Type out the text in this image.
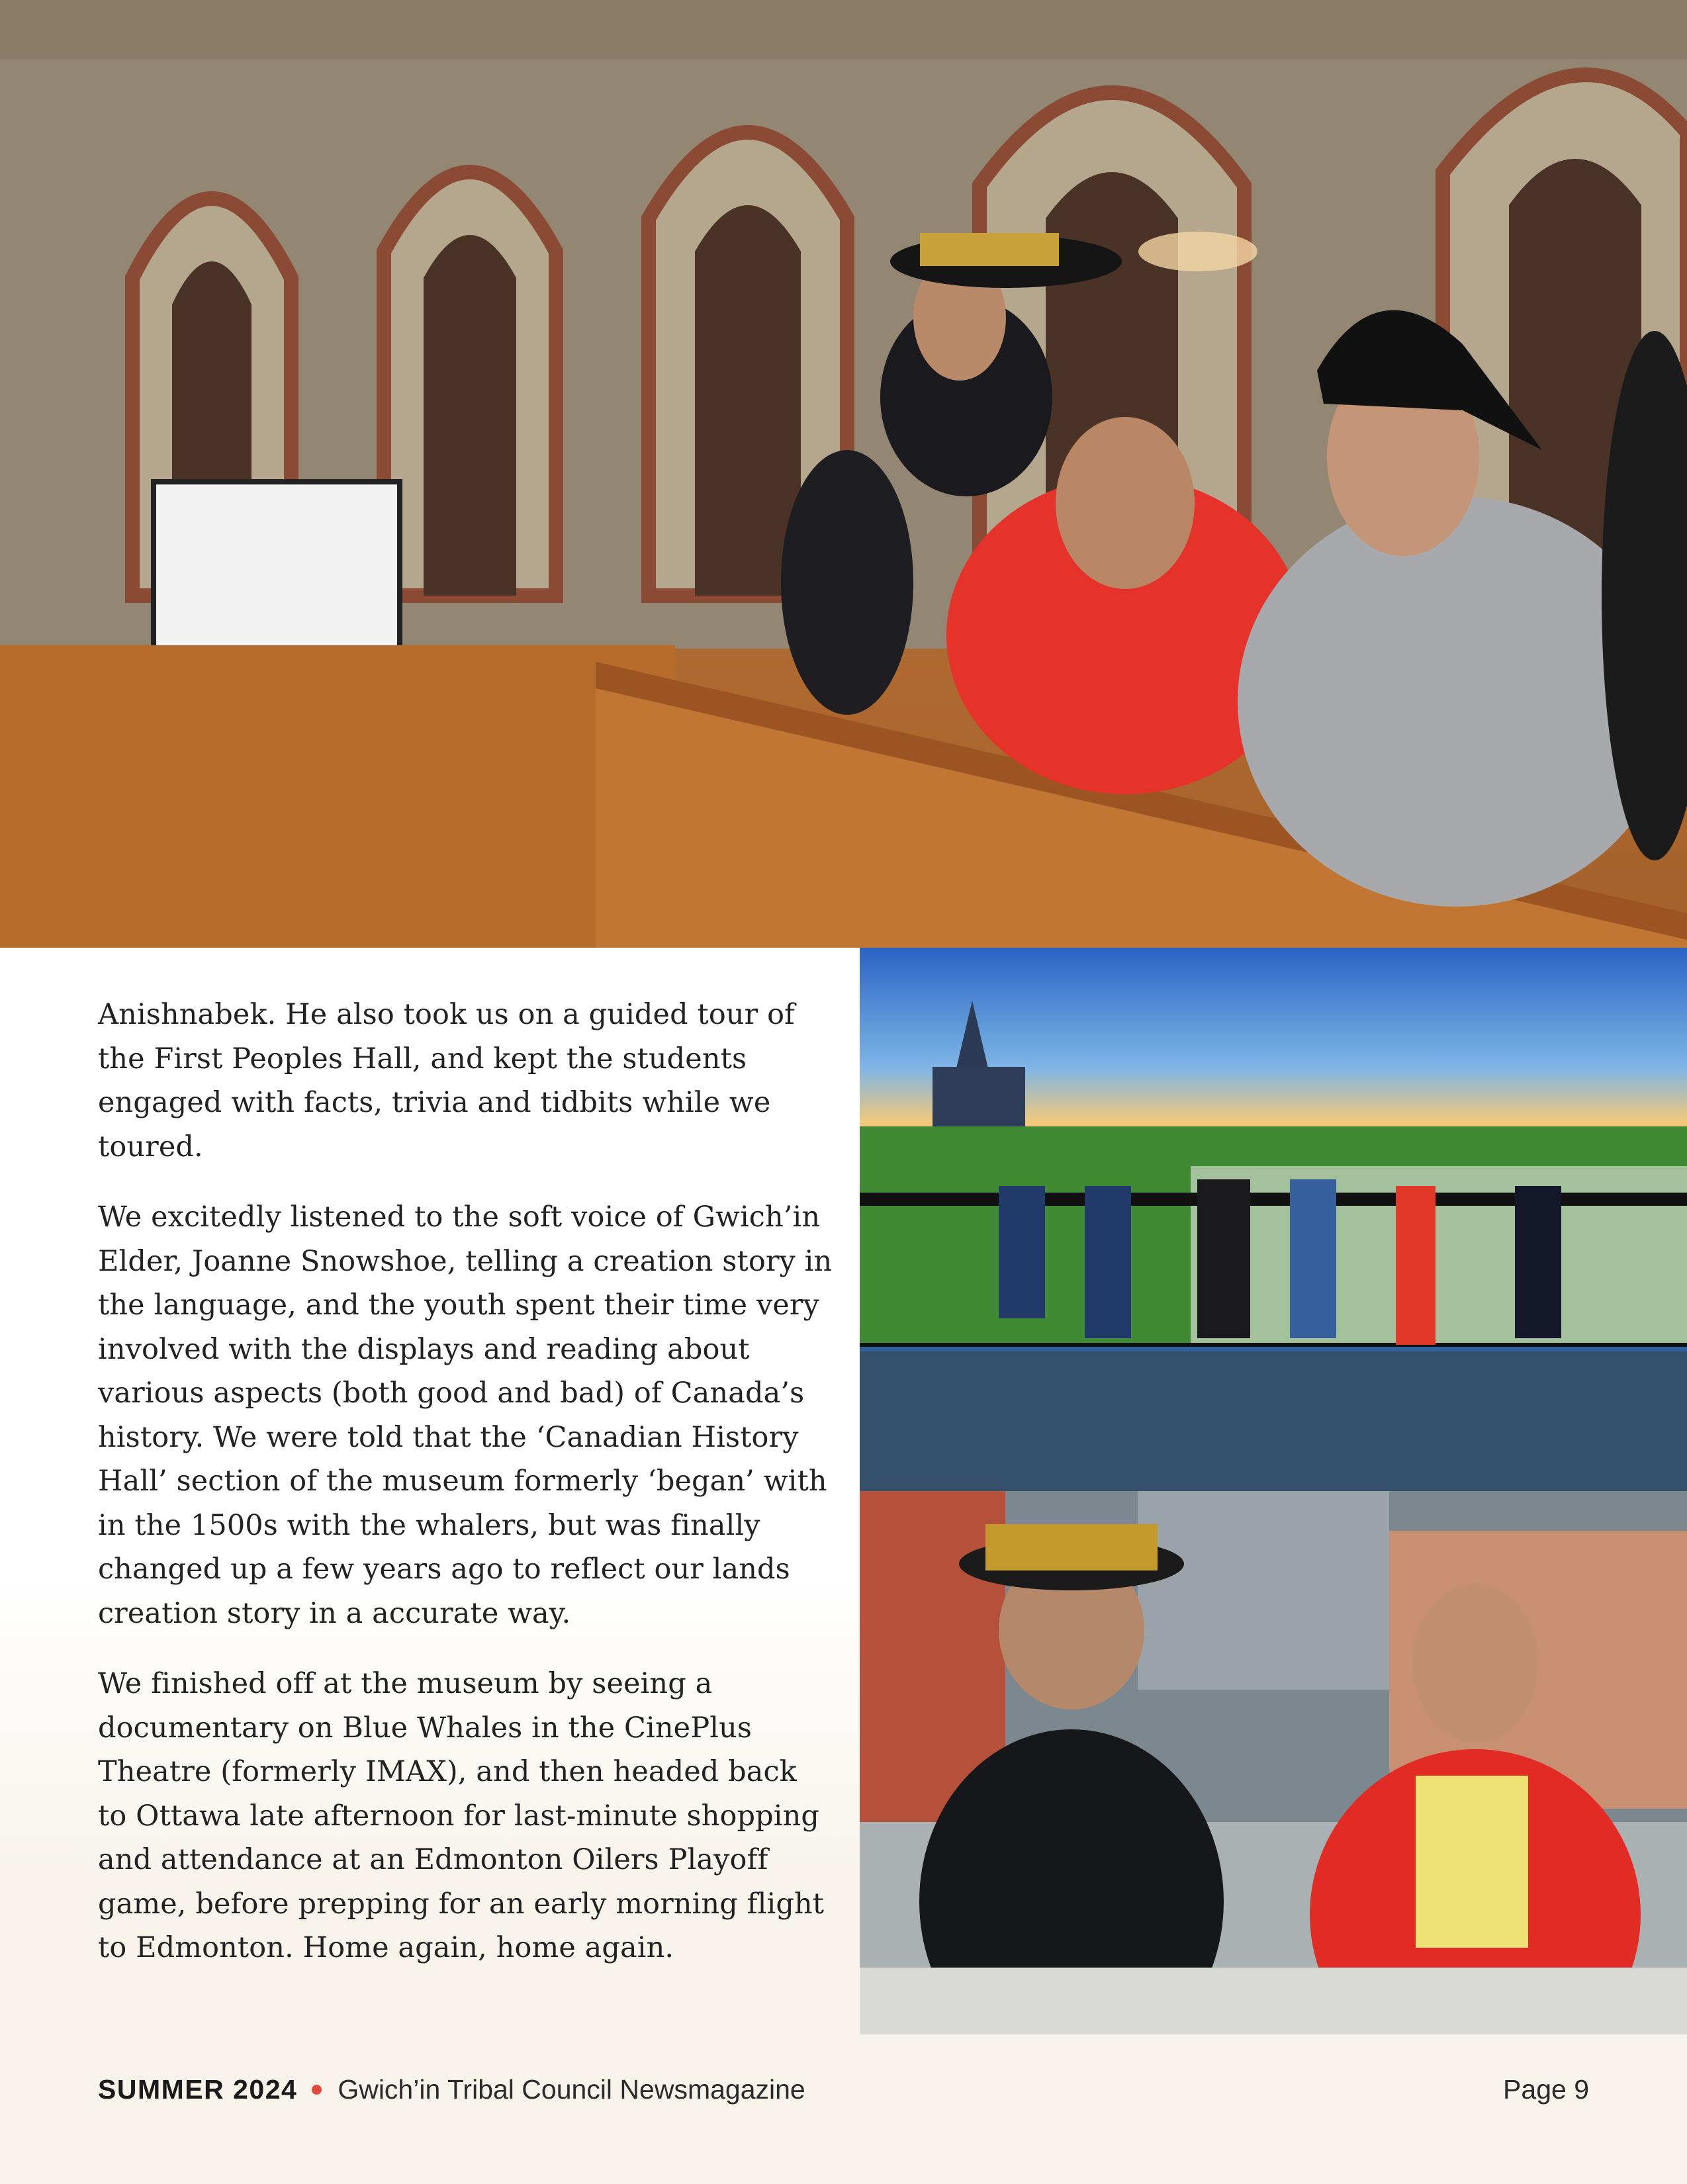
Anishnabek. He also took us on a guided tour of the First Peoples Hall, and kept the students engaged with facts, trivia and tidbits while we toured.

We excitedly listened to the soft voice of Gwich’in Elder, Joanne Snowshoe, telling a creation story in the language, and the youth spent their time very involved with the displays and reading about various aspects (both good and bad) of Canada’s history. We were told that the ‘Canadian History Hall’ section of the museum formerly ‘began’ with in the 1500s with the whalers, but was finally changed up a few years ago to reflect our lands creation story in a accurate way.

We finished off at the museum by seeing a documentary on Blue Whales in the CinePlus Theatre (formerly IMAX), and then headed back to Ottawa late afternoon for last-minute shopping and attendance at an Edmonton Oilers Playoff game, before prepping for an early morning flight to Edmonton. Home again, home again.

SUMMER 2024 Gwich’in Tribal Council Newsmagazine	Page 9
